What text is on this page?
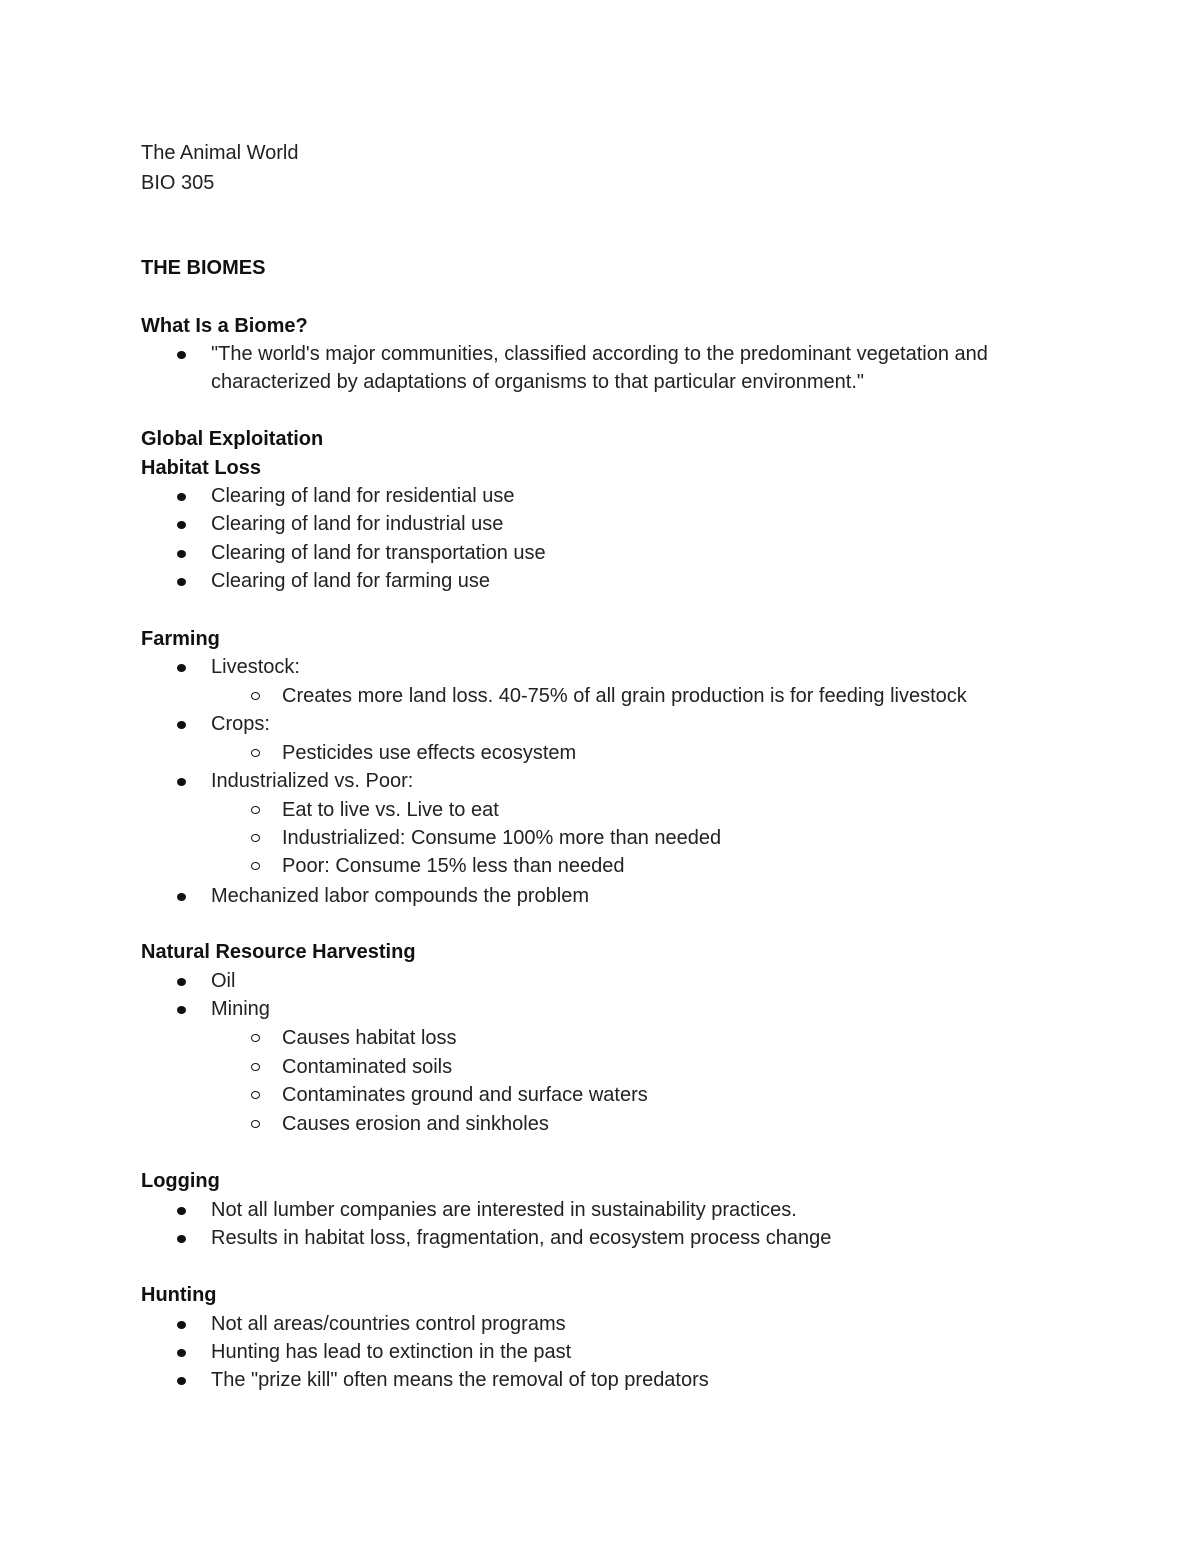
The Animal World
BIO 305
THE BIOMES
What Is a Biome?
"The world's major communities, classified according to the predominant vegetation and
characterized by adaptations of organisms to that particular environment."
Global Exploitation
Habitat Loss
Clearing of land for residential use
Clearing of land for industrial use
Clearing of land for transportation use
Clearing of land for farming use
Farming
Livestock:
Creates more land loss. 40-75% of all grain production is for feeding livestock
Crops:
Pesticides use effects ecosystem
Industrialized vs. Poor:
Eat to live vs. Live to eat
Industrialized: Consume 100% more than needed
Poor: Consume 15% less than needed
Mechanized labor compounds the problem
Natural Resource Harvesting
Oil
Mining
Causes habitat loss
Contaminated soils
Contaminates ground and surface waters
Causes erosion and sinkholes
Logging
Not all lumber companies are interested in sustainability practices.
Results in habitat loss, fragmentation, and ecosystem process change
Hunting
Not all areas/countries control programs
Hunting has lead to extinction in the past
The "prize kill" often means the removal of top predators
